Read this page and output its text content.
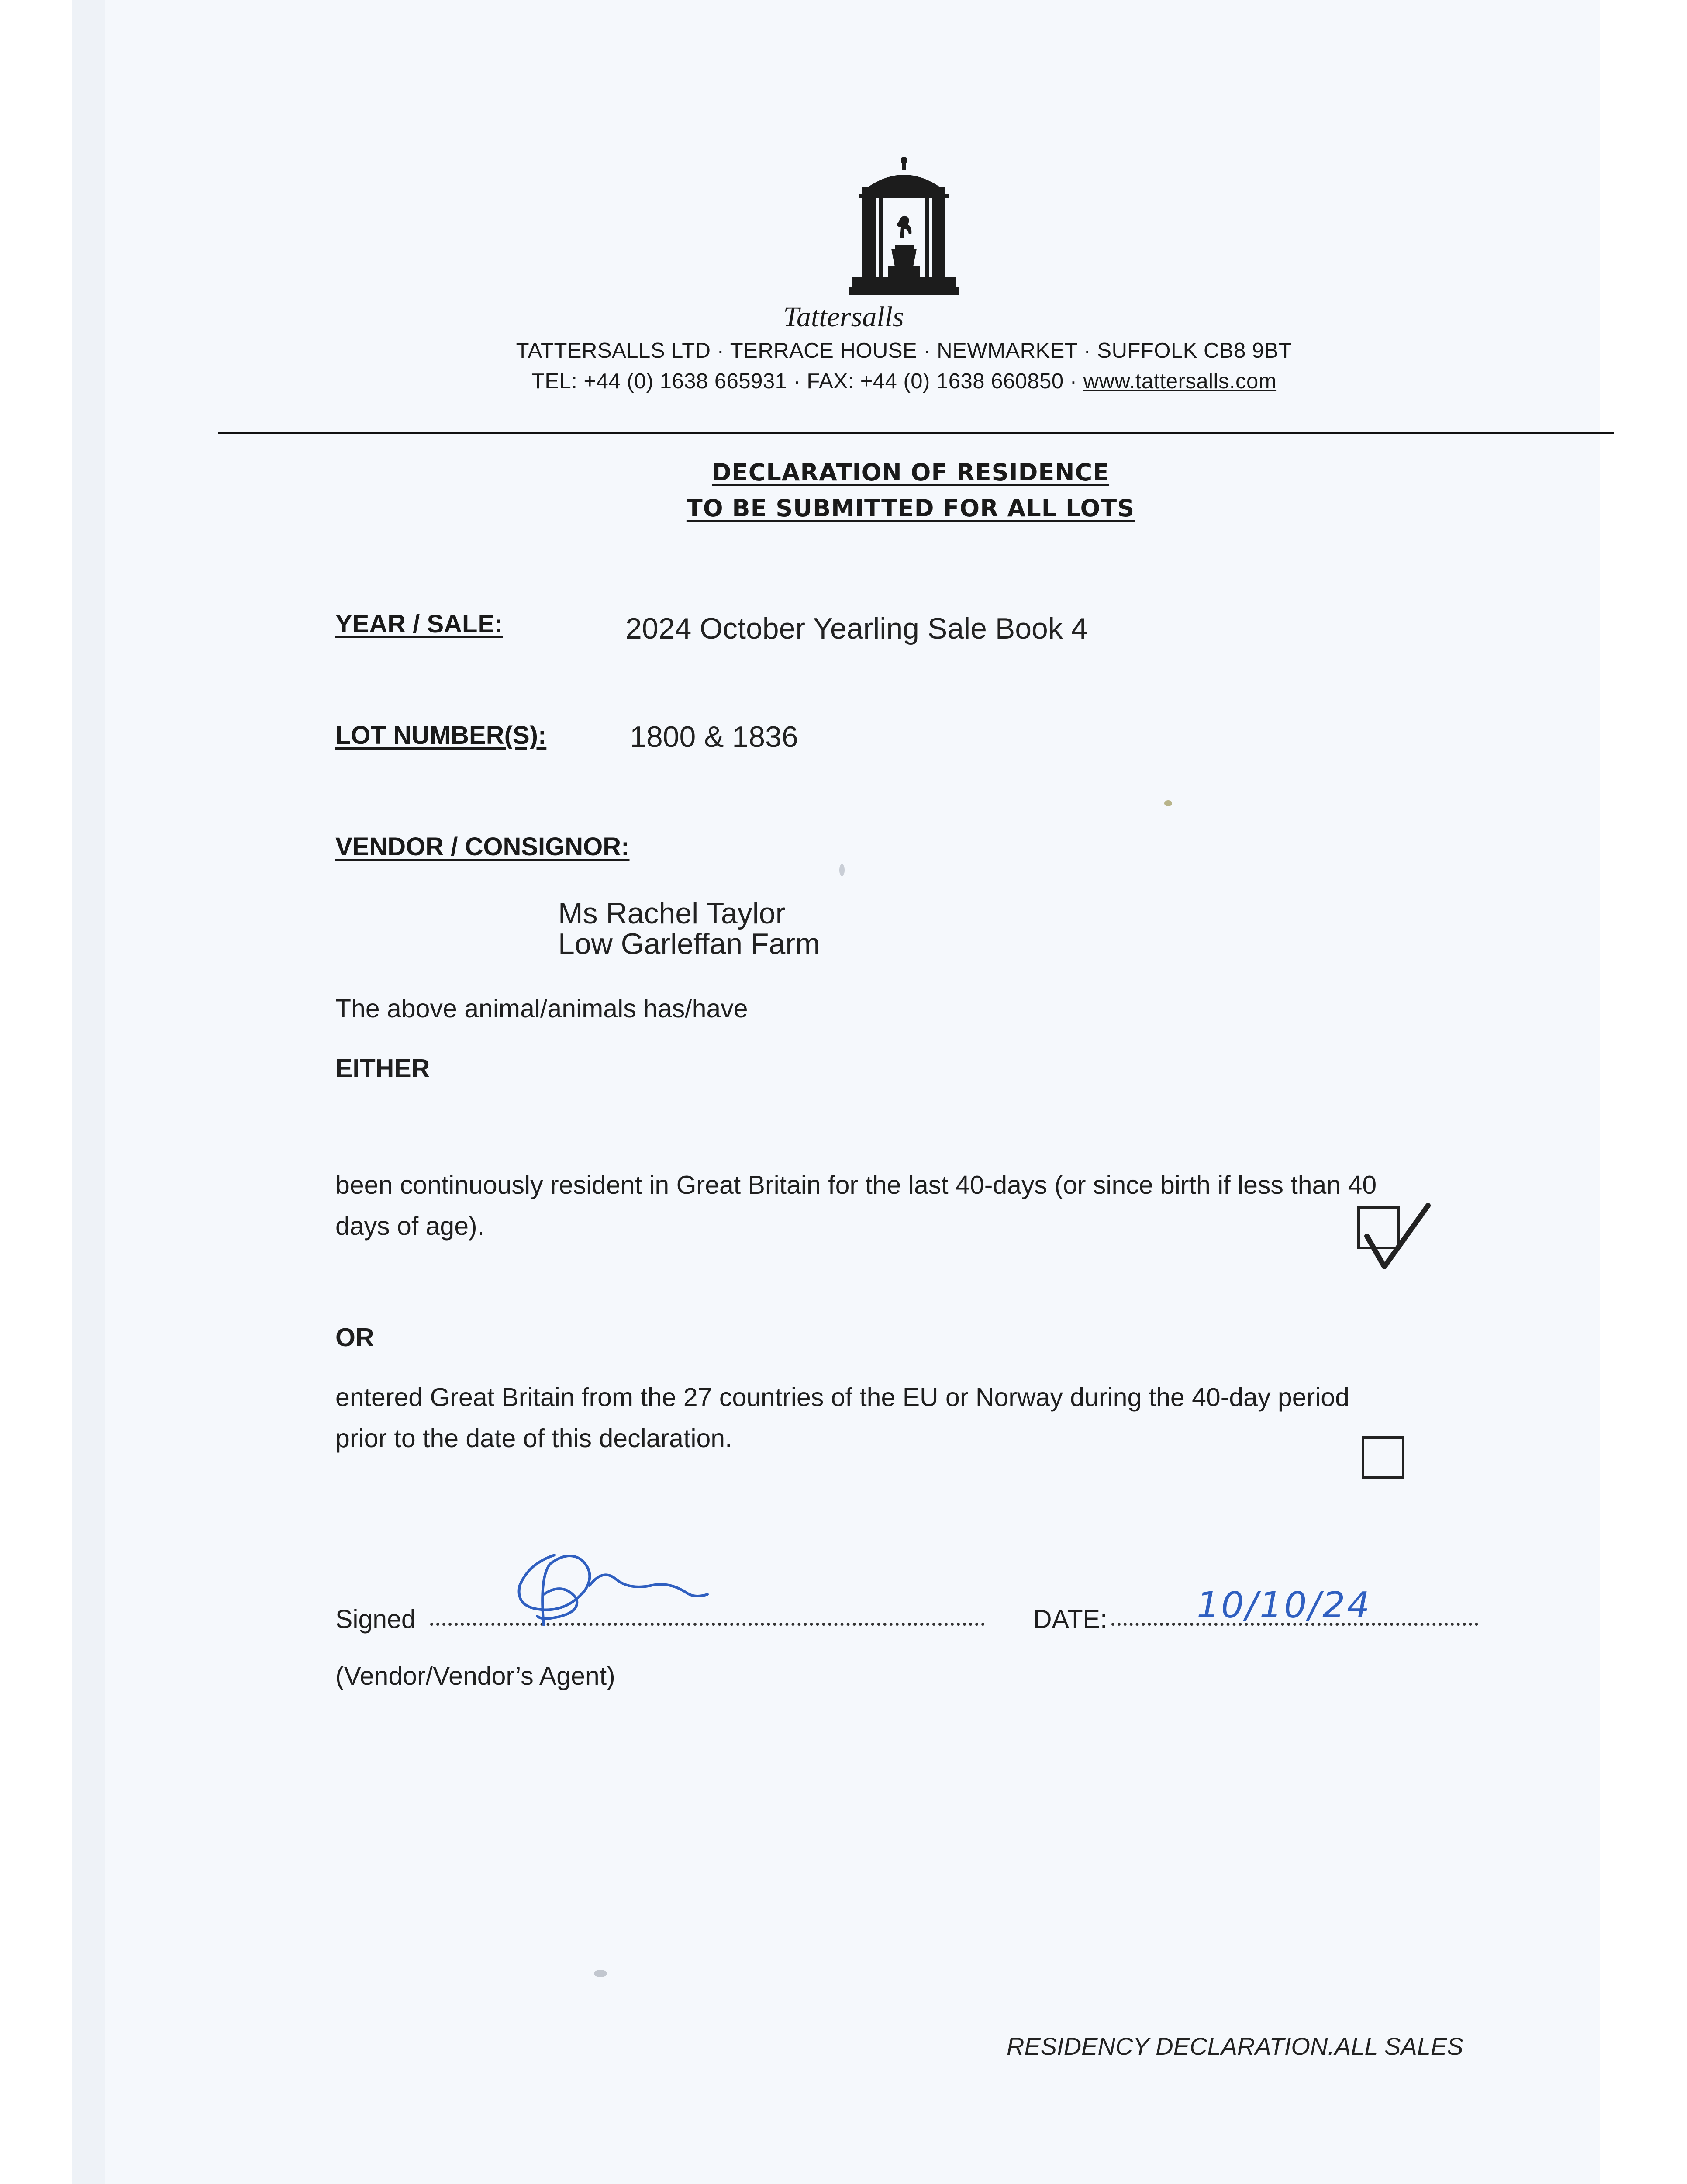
Tattersalls
TATTERSALLS LTD · TERRACE HOUSE · NEWMARKET · SUFFOLK CB8 9BT
TEL: +44 (0) 1638 665931 · FAX: +44 (0) 1638 660850 · www.tattersalls.com
DECLARATION OF RESIDENCE
TO BE SUBMITTED FOR ALL LOTS
YEAR / SALE:	2024 October Yearling Sale Book 4
LOT NUMBER(S):	1800 & 1836
VENDOR / CONSIGNOR:
Ms Rachel Taylor
Low Garleffan Farm
The above animal/animals has/have
EITHER
been continuously resident in Great Britain for the last 40-days (or since birth if less than 40
days of age).
OR
entered Great Britain from the 27 countries of the EU or Norway during the 40-day period
prior to the date of this declaration.
Signed	DATE: 10/10/24
(Vendor/Vendor’s Agent)
RESIDENCY DECLARATION.ALL SALES
